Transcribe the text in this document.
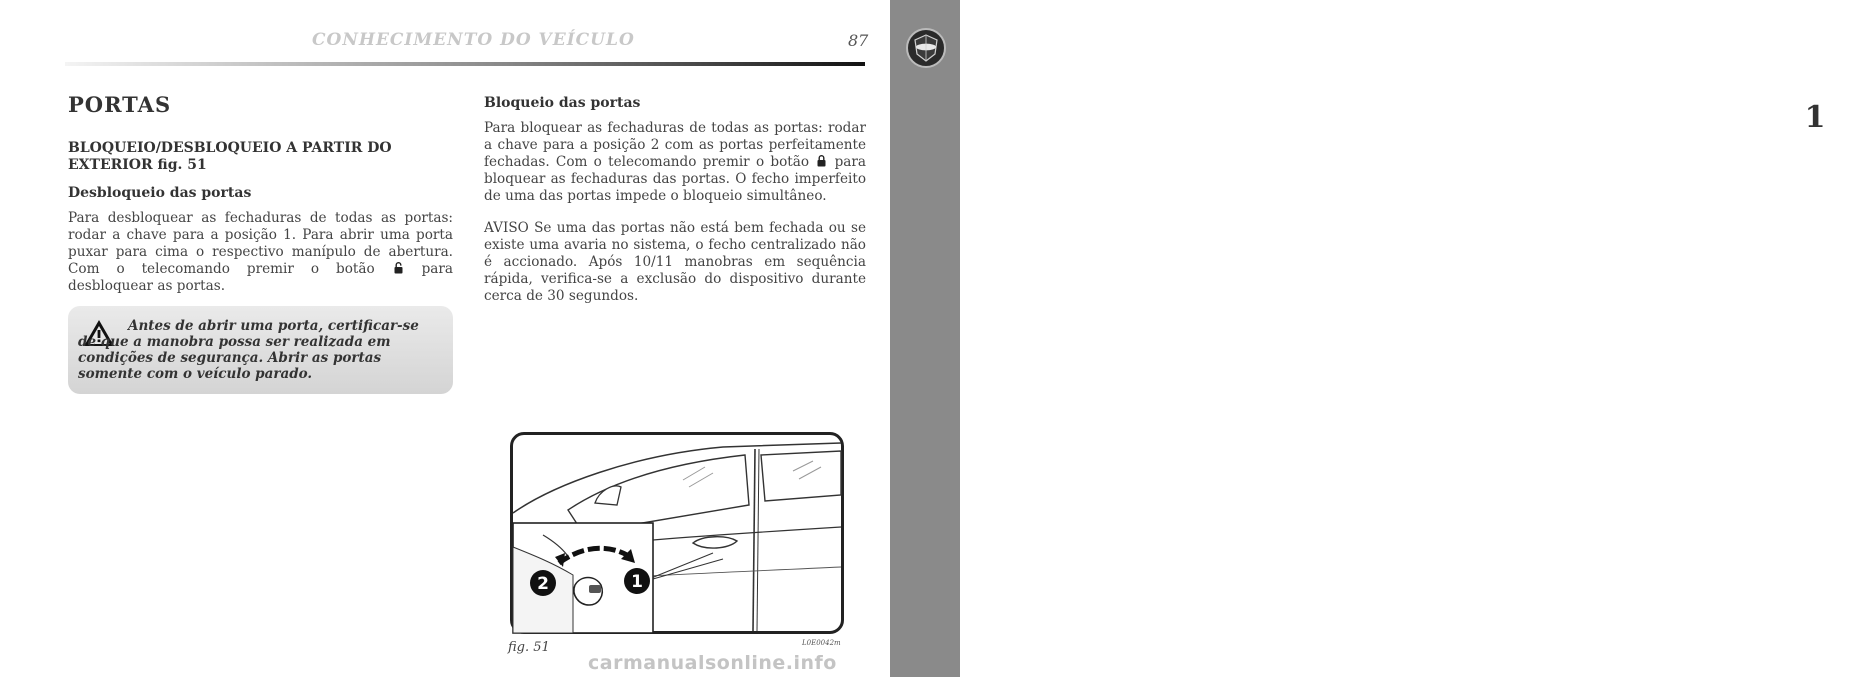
CONHECIMENTO DO VEÍCULO	87
1
PORTAS
BLOQUEIO/DESBLOQUEIO A PARTIR DO EXTERIOR fig. 51
Desbloqueio das portas
Para desbloquear as fechaduras de todas as portas: rodar a chave para a posição 1. Para abrir uma porta puxar para cima o respectivo manípulo de abertura. Com o telecomando premir o botão	para desbloquear as portas.
Antes de abrir uma porta, certificar-se de que a manobra possa ser realizada em condições de segurança. Abrir as portas somente com o veículo parado.
Bloqueio das portas
Para bloquear as fechaduras de todas as portas: rodar a chave para a posição 2 com as portas perfeitamente fechadas. Com o telecomando premir o botão para bloquear as fechaduras das portas. O fecho imperfeito de uma das portas impede o bloqueio simultâneo.
AVISO Se uma das portas não está bem fechada ou se existe uma avaria no sistema, o fecho centralizado não é accionado. Após 10/11 manobras em sequência rápida, verifica-se a exclusão do dispositivo durante cerca de 30 segundos.
2	1
fig. 51	L0E0042m
carmanualsonline.info
